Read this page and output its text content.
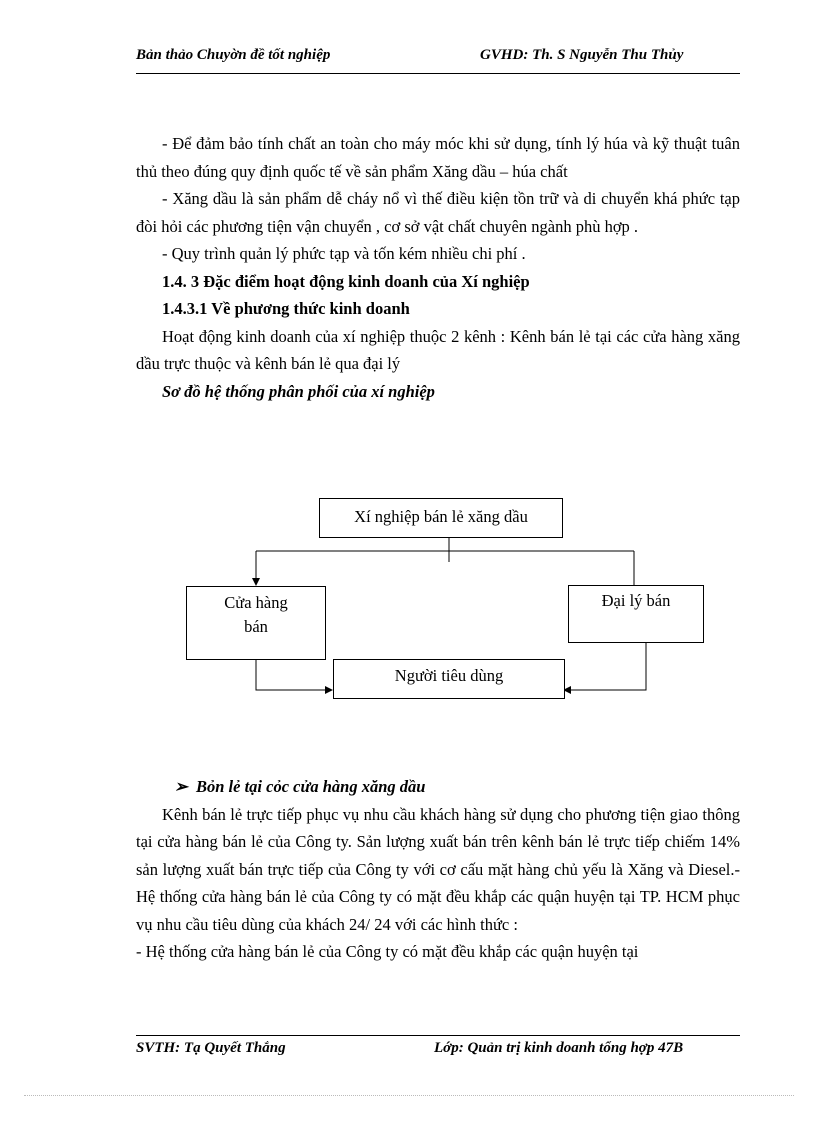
Bản thảo Chuyờn đề tốt nghiệp	GVHD: Th. S Nguyễn Thu Thủy

- Để đảm bảo tính chất an toàn cho máy móc khi sử dụng, tính lý húa và kỹ thuật tuân thủ theo đúng quy định quốc tế về sản phẩm Xăng dầu – húa chất

- Xăng dầu là sản phẩm dễ cháy nổ vì thế điều kiện tồn trữ và di chuyển khá phức tạp đòi hỏi các phương tiện vận chuyển , cơ sở vật chất chuyên ngành phù hợp .

- Quy trình quản lý phức tạp và tốn kém nhiều chi phí .

1.4. 3 Đặc điểm hoạt động kinh doanh của Xí nghiệp

1.4.3.1 Về phương thức kinh doanh

Hoạt động kinh doanh của xí nghiệp thuộc 2 kênh : Kênh bán lẻ tại các cửa hàng xăng dầu trực thuộc và kênh bán lẻ qua đại lý

Sơ đồ hệ thống phân phối của xí nghiệp

Xí nghiệp bán lẻ xăng dầu
Cửa hàng
bán
Đại lý bán
Người tiêu dùng

➢ Bỏn lẻ tại cỏc cửa hàng xăng dầu

Kênh bán lẻ trực tiếp phục vụ nhu cầu khách hàng sử dụng cho phương tiện giao thông tại cửa hàng bán lẻ của Công ty. Sản lượng xuất bán trên kênh bán lẻ trực tiếp chiếm 14% sản lượng xuất bán trực tiếp của Công ty với cơ cấu mặt hàng chủ yếu là Xăng và Diesel.- Hệ thống cửa hàng bán lẻ của Công ty có mặt đều khắp các quận huyện tại TP. HCM phục vụ nhu cầu tiêu dùng của khách 24/ 24 với các hình thức :

- Hệ thống cửa hàng bán lẻ của Công ty có mặt đều khắp các quận huyện tại

SVTH: Tạ Quyết Thắng	Lớp: Quản trị kinh doanh tổng hợp 47B
